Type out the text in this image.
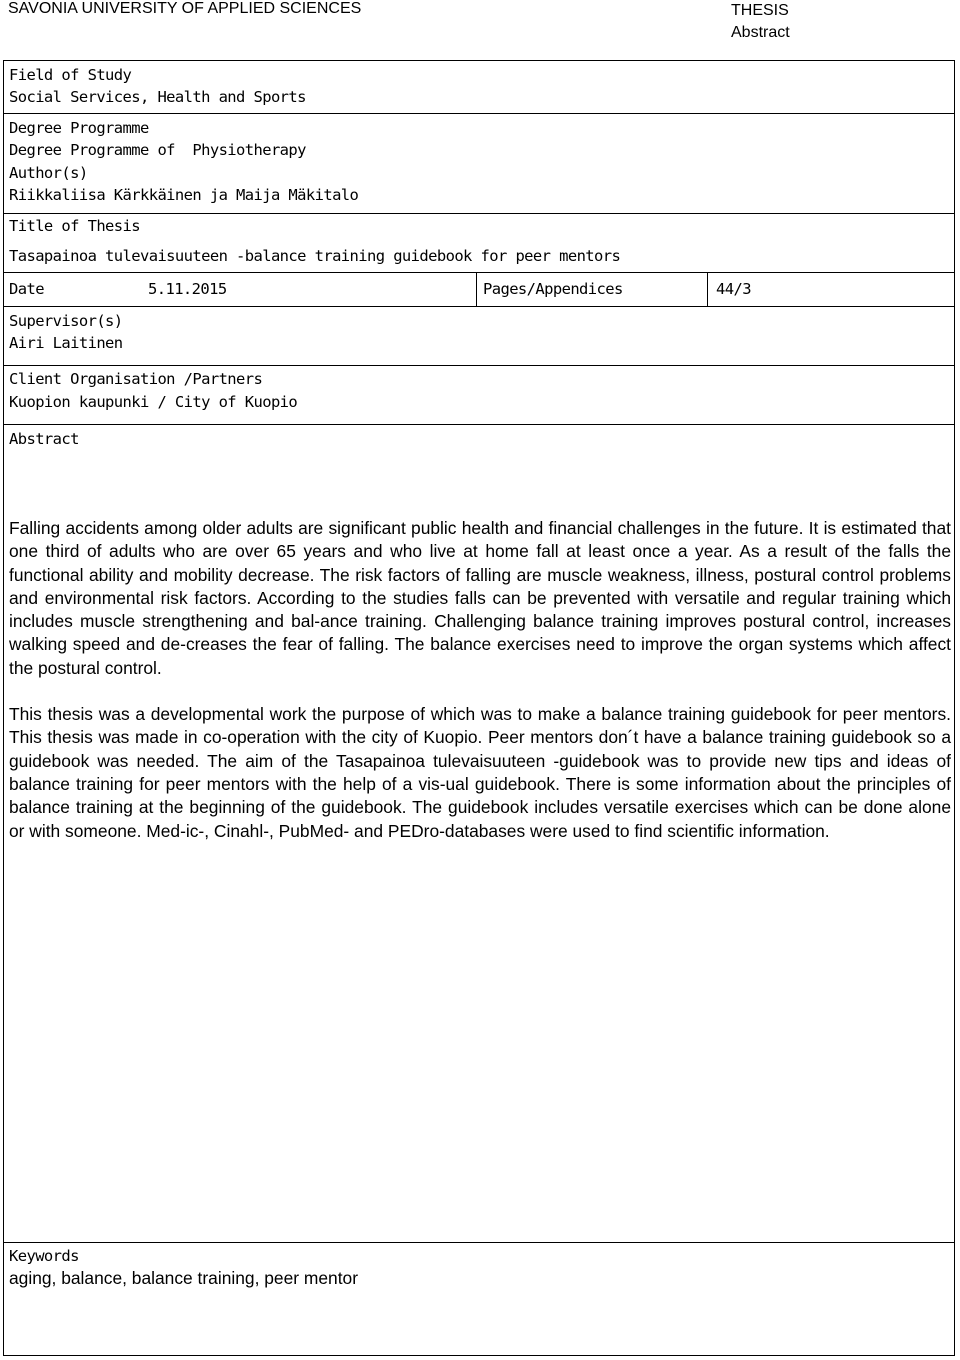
SAVONIA UNIVERSITY OF APPLIED SCIENCES	THESIS
Abstract
Field of Study
Social Services, Health and Sports
Degree Programme
Degree Programme of  Physiotherapy
Author(s)
Riikkaliisa Kärkkäinen ja Maija Mäkitalo
Title of Thesis
Tasapainoa tulevaisuuteen -balance training guidebook for peer mentors
Date	5.11.2015	Pages/Appendices	44/3
Supervisor(s)
Airi Laitinen
Client Organisation /Partners
Kuopion kaupunki / City of Kuopio
Abstract

Falling accidents among older adults are significant public health and financial challenges in the future. It is estimated that one third of adults who are over 65 years and who live at home fall at least once a year. As a result of the falls the functional ability and mobility decrease. The risk factors of falling are muscle weakness, illness, postural control problems and environmental risk factors. According to the studies falls can be prevented with versatile and regular training which includes muscle strengthening and bal-ance training. Challenging balance training improves postural control, increases walking speed and de-creases the fear of falling. The balance exercises need to improve the organ systems which affect the postural control.

This thesis was a developmental work the purpose of which was to make a balance training guidebook for peer mentors. This thesis was made in co-operation with the city of Kuopio. Peer mentors don´t have a balance training guidebook so a guidebook was needed. The aim of the Tasapainoa tulevaisuuteen -guidebook was to provide new tips and ideas of balance training for peer mentors with the help of a vis-ual guidebook. There is some information about the principles of balance training at the beginning of the guidebook. The guidebook includes versatile exercises which can be done alone or with someone. Med-ic-, Cinahl-, PubMed- and PEDro-databases were used to find scientific information.

Keywords
aging, balance, balance training, peer mentor
